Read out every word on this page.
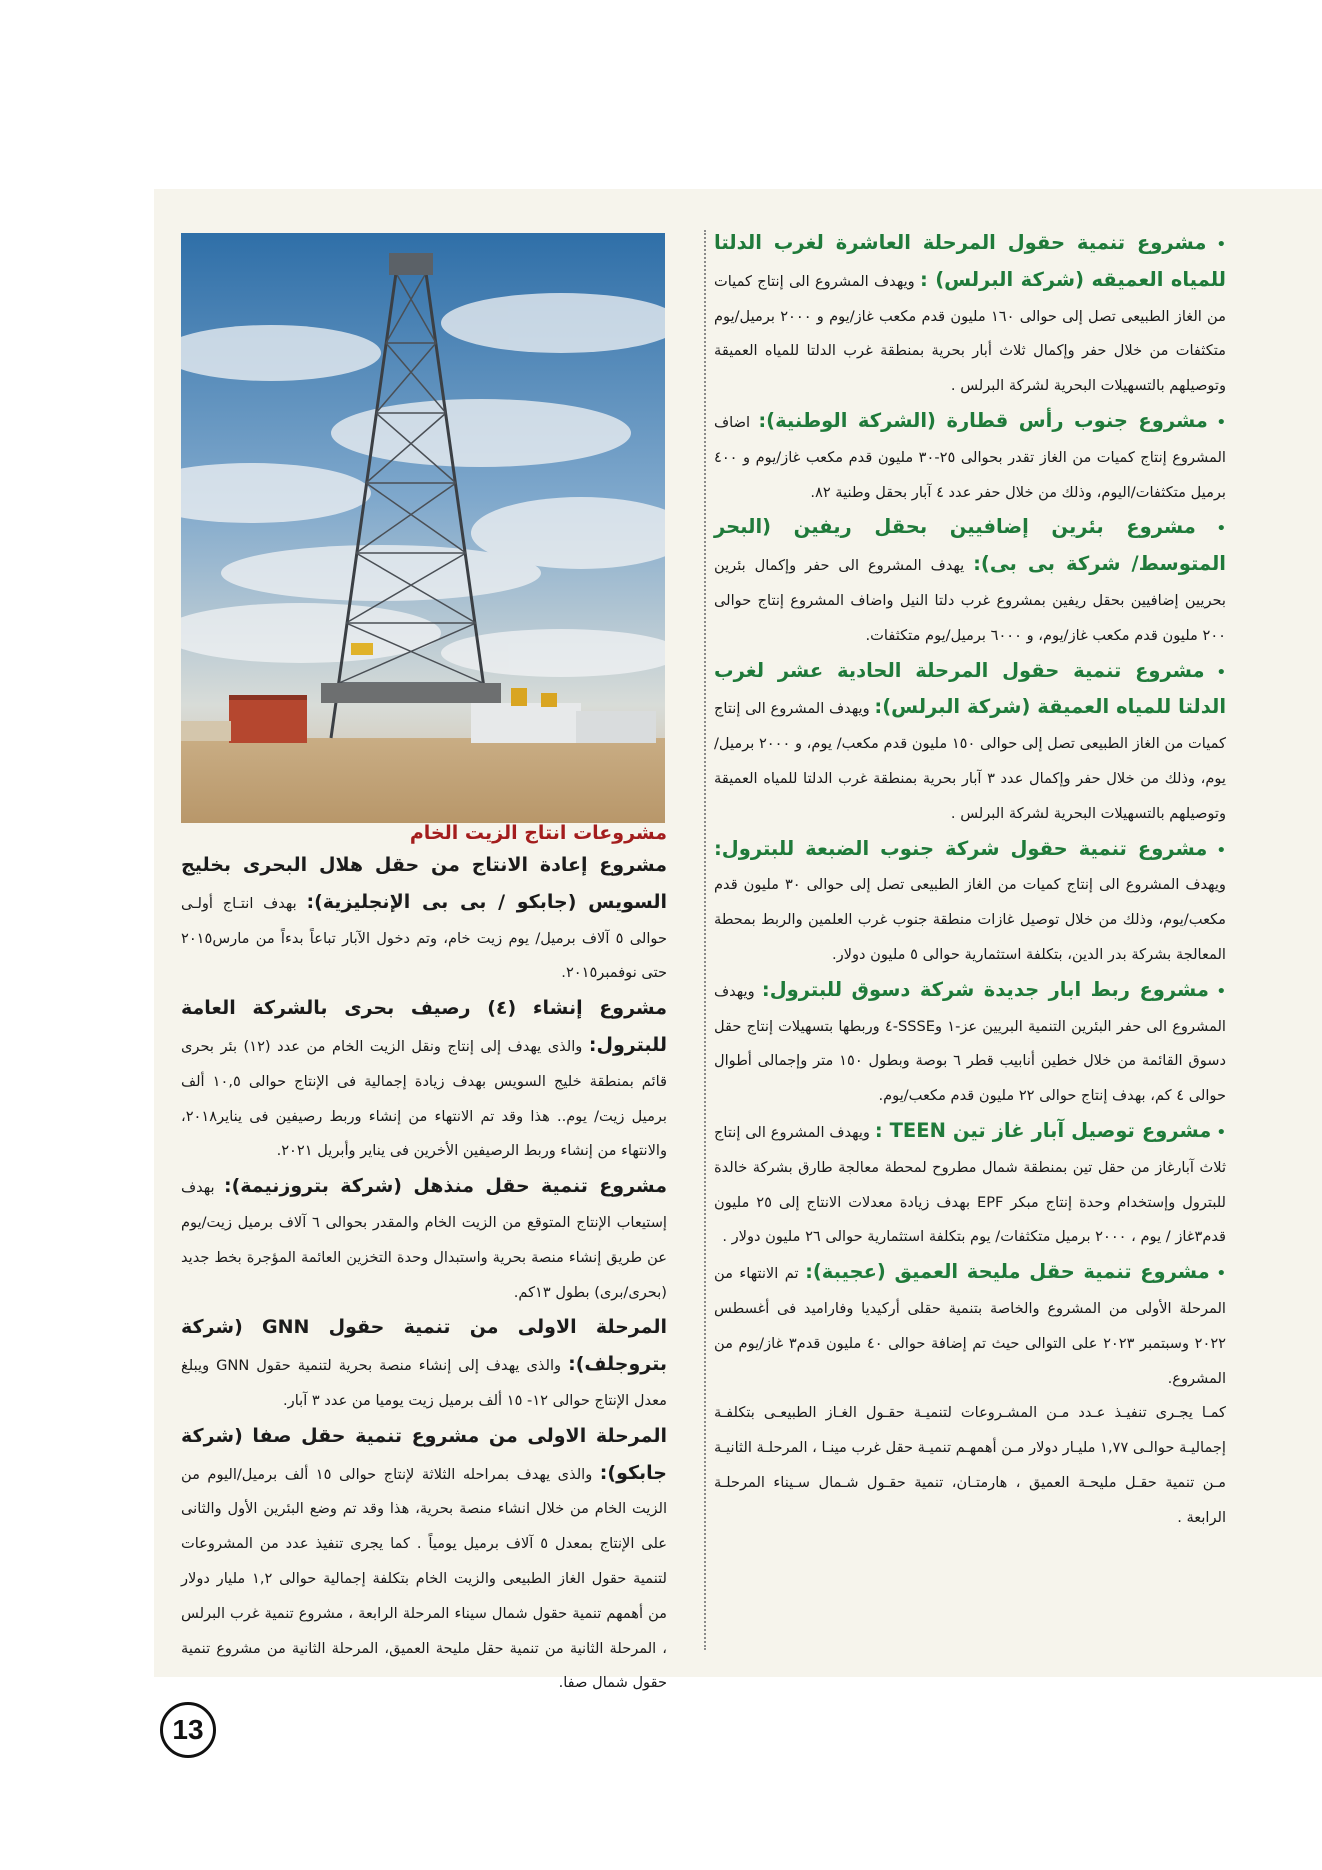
• مشروع تنمية حقول المرحلة العاشرة لغرب الدلتا للمياه العميقه (شركة البرلس) : ويهدف المشروع الى إنتاج كميات من الغاز الطبيعى تصل إلى حوالى ١٦٠ مليون قدم مكعب غاز/يوم و ٢٠٠٠ برميل/يوم متكثفات من خلال حفر وإكمال ثلاث أبار بحرية بمنطقة غرب الدلتا للمياه العميقة وتوصيلهم بالتسهيلات البحرية لشركة البرلس .

• مشروع جنوب رأس قطارة (الشركة الوطنية): اضاف المشروع إنتاج كميات من الغاز تقدر بحوالى ٢٥-٣٠ مليون قدم مكعب غاز/يوم و ٤٠٠ برميل متكثفات/اليوم، وذلك من خلال حفر عدد ٤ آبار بحقل وطنية ٨٢.

• مشروع بئرين إضافيين بحقل ريفين (البحر المتوسط/ شركة بى بى): يهدف المشروع الى حفر وإكمال بئرين بحريين إضافيين بحقل ريفين بمشروع غرب دلتا النيل واضاف المشروع إنتاج حوالى ٢٠٠ مليون قدم مكعب غاز/يوم، و ٦٠٠٠ برميل/يوم متكثفات.

• مشروع تنمية حقول المرحلة الحادية عشر لغرب الدلتا للمياه العميقة (شركة البرلس): ويهدف المشروع الى إنتاج كميات من الغاز الطبيعى تصل إلى حوالى ١٥٠ مليون قدم مكعب/ يوم، و ٢٠٠٠ برميل/يوم، وذلك من خلال حفر وإكمال عدد ٣ آبار بحرية بمنطقة غرب الدلتا للمياه العميقة وتوصيلهم بالتسهيلات البحرية لشركة البرلس .

• مشروع تنمية حقول شركة جنوب الضبعة للبترول: ويهدف المشروع الى إنتاج كميات من الغاز الطبيعى تصل إلى حوالى ٣٠ مليون قدم مكعب/يوم، وذلك من خلال توصيل غازات منطقة جنوب غرب العلمين والربط بمحطة المعالجة بشركة بدر الدين، بتكلفة استثمارية حوالى ٥ مليون دولار.

• مشروع ربط ابار جديدة شركة دسوق للبترول: ويهدف المشروع الى حفر البئرين التنمية البريين عز-١ وSSSE-٤ وربطها بتسهيلات إنتاج حقل دسوق القائمة من خلال خطين أنابيب قطر ٦ بوصة وبطول ١٥٠ متر وإجمالى أطوال حوالى ٤ كم، بهدف إنتاج حوالى ٢٢ مليون قدم مكعب/يوم.

• مشروع توصيل آبار غاز تين TEEN : ويهدف المشروع الى إنتاج ثلاث آبارغاز من حقل تين بمنطقة شمال مطروح لمحطة معالجة طارق بشركة خالدة للبترول وإستخدام وحدة إنتاج مبكر EPF بهدف زيادة معدلات الانتاج إلى ٢٥ مليون قدم٣غاز / يوم ، ٢٠٠٠ برميل متكثفات/ يوم بتكلفة استثمارية حوالى ٢٦ مليون دولار .

• مشروع تنمية حقل مليحة العميق (عجيبة): تم الانتهاء من المرحلة الأولى من المشروع والخاصة بتنمية حقلى أركيديا وفاراميد فى أغسطس ٢٠٢٢ وسبتمبر ٢٠٢٣ على التوالى حيث تم إضافة حوالى ٤٠ مليون قدم٣ غاز/يوم من المشروع.

كمـا يجـرى تنفيـذ عـدد مـن المشـروعات لتنميـة حقـول الغـاز الطبيعـى بتكلفـة إجماليـة حوالـى ١,٧٧ مليـار دولار مـن أهمهـم تنميـة حقل غرب مينـا ، المرحلـة الثانيـة مـن تنمية حقـل مليحـة العميق ، هارمتـان، تنمية حقـول شـمال سـيناء المرحلـة الرابعة .

مشروعات انتاج الزيت الخام

مشروع إعادة الانتاج من حقل هلال البحرى بخليج السويس (جابكو / بى بى الإنجليزية): بهدف انتـاج أولـى حوالى ٥ آلاف برميل/ يوم زيت خام، وتم دخول الآبار تباعاً بدءاً من مارس٢٠١٥ حتى نوفمبر٢٠١٥.

مشروع إنشاء (٤) رصيف بحرى بالشركة العامة للبترول: والذى يهدف إلى إنتاج ونقل الزيت الخام من عدد (١٢) بئر بحرى قائم بمنطقة خليج السويس بهدف زيادة إجمالية فى الإنتاج حوالى ١٠,٥ ألف برميل زيت/ يوم.. هذا وقد تم الانتهاء من إنشاء وربط رصيفين فى يناير٢٠١٨، والانتهاء من إنشاء وربط الرصيفين الأخرين فى يناير وأبريل ٢٠٢١.

مشروع تنمية حقل منذهل (شركة بتروزنيمة): بهدف إستيعاب الإنتاج المتوقع من الزيت الخام والمقدر بحوالى ٦ آلاف برميل زيت/يوم عن طريق إنشاء منصة بحرية واستبدال وحدة التخزين العائمة المؤجرة بخط جديد (بحرى/برى) بطول ١٣كم.

المرحلة الاولى من تنمية حقول GNN (شركة بتروجلف): والذى يهدف إلى إنشاء منصة بحرية لتنمية حقول GNN ويبلغ معدل الإنتاج حوالى ١٢- ١٥ ألف برميل زيت يوميا من عدد ٣ آبار.

المرحلة الاولى من مشروع تنمية حقل صفا (شركة جابكو): والذى يهدف بمراحله الثلاثة لإنتاج حوالى ١٥ ألف برميل/اليوم من الزيت الخام من خلال انشاء منصة بحرية، هذا وقد تم وضع البئرين الأول والثانى على الإنتاج بمعدل ٥ آلاف برميل يومياً . كما يجرى تنفيذ عدد من المشروعات لتنمية حقول الغاز الطبيعى والزيت الخام بتكلفة إجمالية حوالى ١,٢ مليار دولار من أهمهم تنمية حقول شمال سيناء المرحلة الرابعة ، مشروع تنمية غرب البرلس ، المرحلة الثانية من تنمية حقل مليحة العميق، المرحلة الثانية من مشروع تنمية حقول شمال صفا.

13
